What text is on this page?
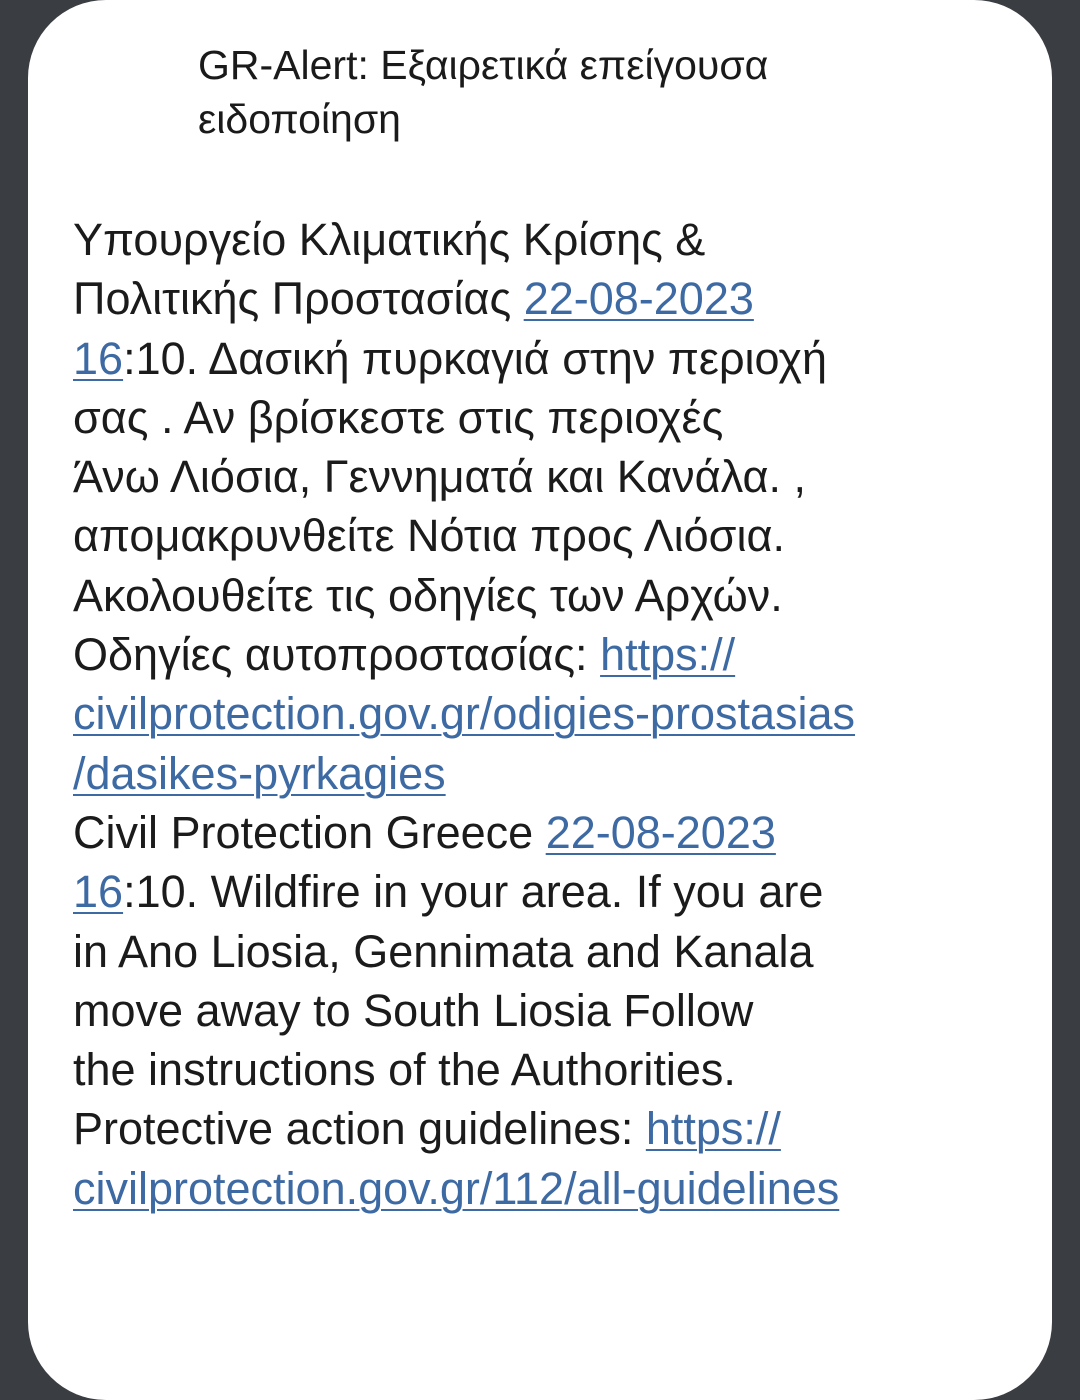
GR-Alert: Εξαιρετικά επείγουσα
ειδοποίηση
Υπουργείο Κλιματικής Κρίσης &
Πολιτικής Προστασίας 22-08-2023
16:10. Δασική πυρκαγιά στην περιοχή
σας . Αν βρίσκεστε στις περιοχές
Άνω Λιόσια, Γεννηματά και Κανάλα. ,
απομακρυνθείτε Νότια προς Λιόσια.
Ακολουθείτε τις οδηγίες των Αρχών.
Οδηγίες αυτοπροστασίας: https://
civilprotection.gov.gr/odigies-prostasias
/dasikes-pyrkagies
Civil Protection Greece 22-08-2023
16:10. Wildfire in your area. If you are
in Ano Liosia, Gennimata and Kanala
move away to South Liosia Follow
the instructions of the Authorities.
Protective action guidelines: https://
civilprotection.gov.gr/112/all-guidelines
